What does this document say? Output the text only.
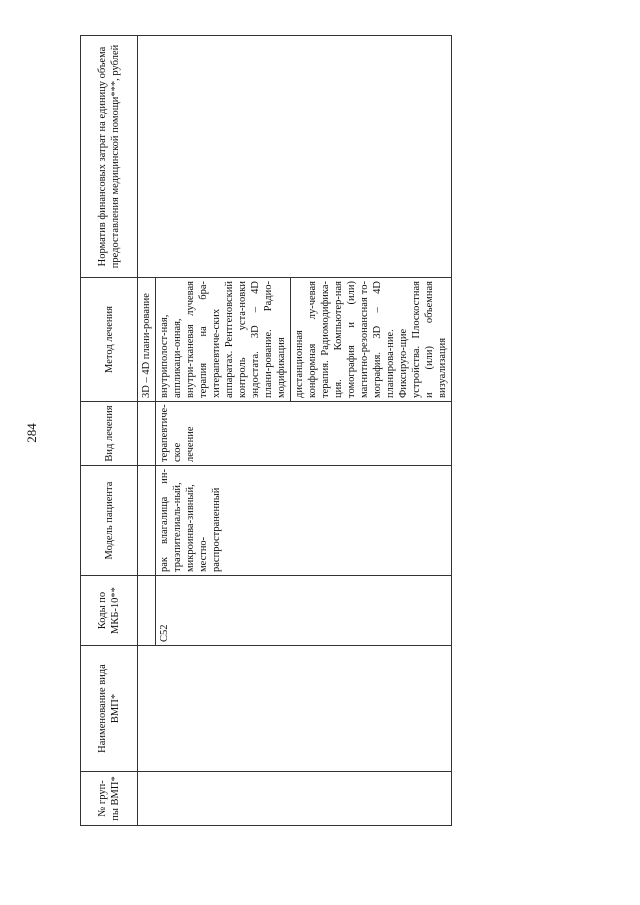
284
№ груп-пы ВМП*	Наименование вида ВМП*	Коды по МКБ-10**	Модель пациента	Вид лечения	Метод лечения	Норматив финансовых затрат на единицу объема предоставления медицинской помощи***, рублей
					3D – 4D плани-рование	
		С52	рак влагалища ин-траэпителиаль-ный, микроинва-зивный, местно-распространенный	терапевтиче-ское лечение	внутриполост-ная, аппликаци-онная, внутри-тканевая лучевая терапия на бра-хитерапевтиче-ских аппаратах. Рентгеновский контроль уста-новки эндостата. 3D – 4D плани-рование. Радио-модификация	
					дистанционная конформная лу-чевая терапия. Радиомодифика-ция. Компьютер-ная томография и (или) магнитно-резонансная то-мография. 3D – 4D планирова-ние. Фиксирую-щие устройства. Плоскостная и (или) объемная визуализация	
